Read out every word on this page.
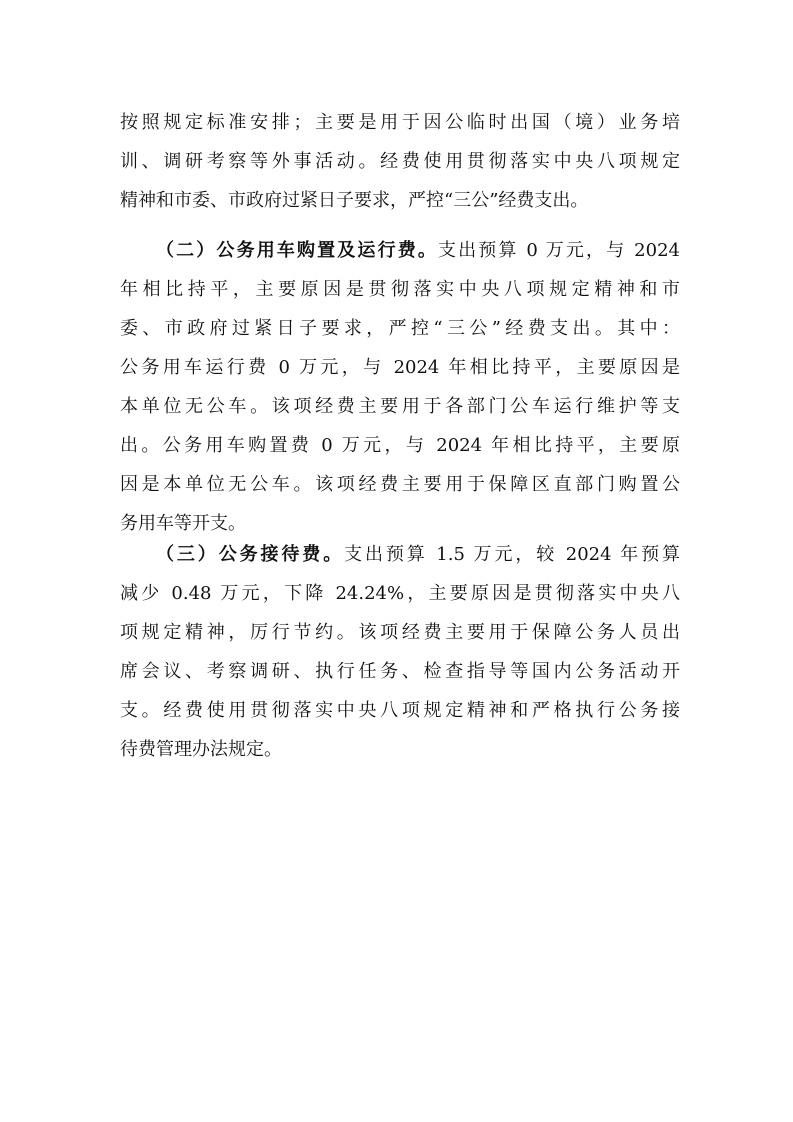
按照规定标准安排；主要是用于因公临时出国（境）业务培
训、调研考察等外事活动。经费使用贯彻落实中央八项规定
精神和市委、市政府过紧日子要求，严控“三公”经费支出。
（二）公务用车购置及运行费。支出预算 0 万元，与 2024
年相比持平，主要原因是贯彻落实中央八项规定精神和市
委、市政府过紧日子要求，严控“三公”经费支出。其中：
公务用车运行费 0 万元，与 2024 年相比持平，主要原因是
本单位无公车。该项经费主要用于各部门公车运行维护等支
出。公务用车购置费 0 万元，与 2024 年相比持平，主要原
因是本单位无公车。该项经费主要用于保障区直部门购置公
务用车等开支。
（三）公务接待费。支出预算 1.5 万元，较 2024 年预算
减少 0.48 万元，下降 24.24%，主要原因是贯彻落实中央八
项规定精神，厉行节约。该项经费主要用于保障公务人员出
席会议、考察调研、执行任务、检查指导等国内公务活动开
支。经费使用贯彻落实中央八项规定精神和严格执行公务接
待费管理办法规定。
